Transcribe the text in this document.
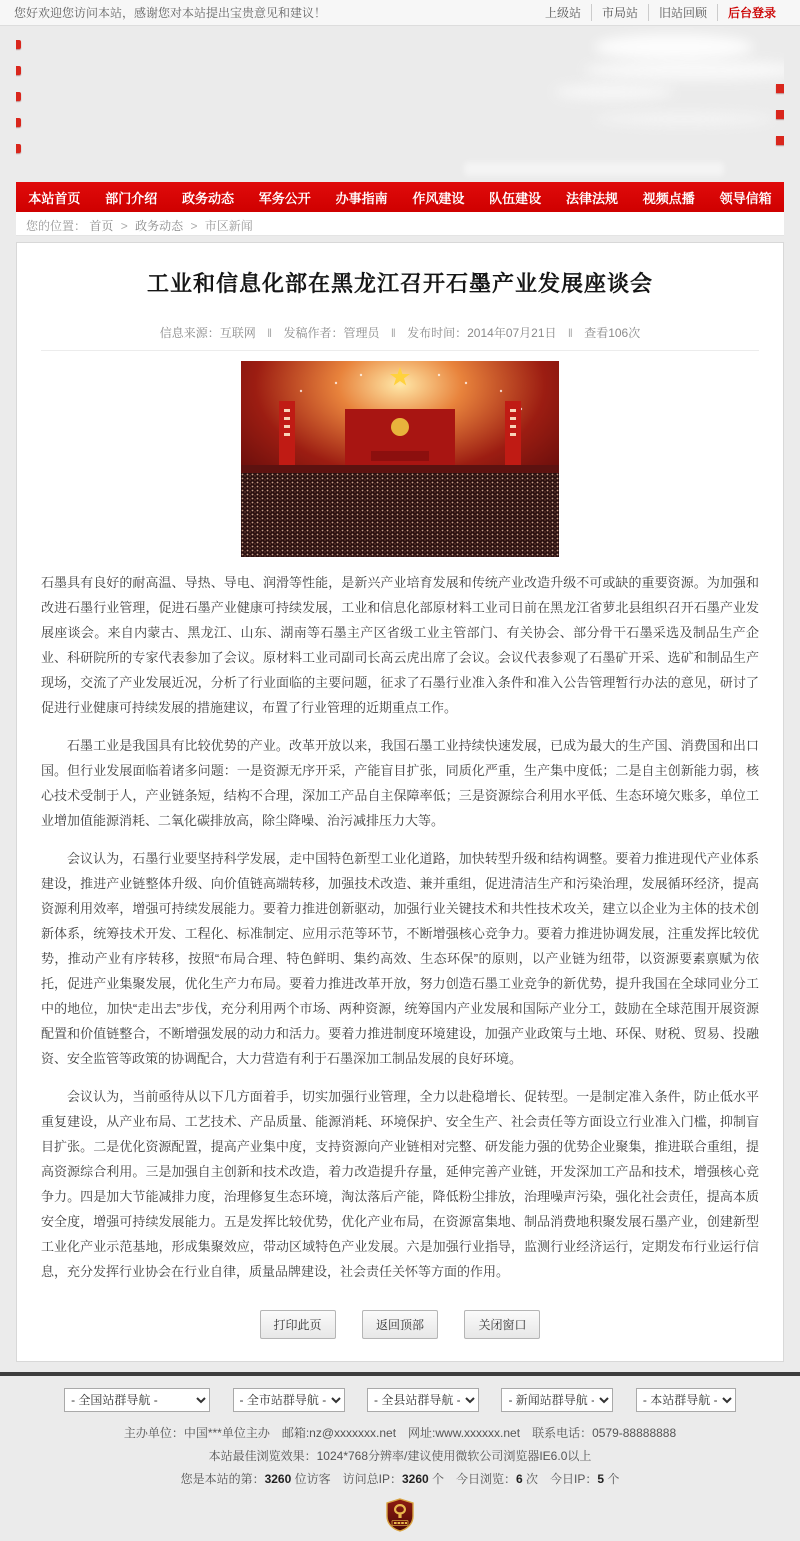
您好欢迎您访问本站，感谢您对本站提出宝贵意见和建议！	上级站	市局站	旧站回顾	后台登录
本站首页	部门介绍	政务动态	军务公开	办事指南	作风建设	队伍建设	法律法规	视频点播	领导信箱
您的位置： 首页 > 政务动态 > 市区新闻
工业和信息化部在黑龙江召开石墨产业发展座谈会
信息来源：互联网 ‖ 发稿作者：管理员 ‖ 发布时间：2014年07月21日 ‖ 查看106次

石墨具有良好的耐高温、导热、导电、润滑等性能，是新兴产业培育发展和传统产业改造升级不可或缺的重要资源。为加强和改进石墨行业管理，促进石墨产业健康可持续发展，工业和信息化部原材料工业司日前在黑龙江省萝北县组织召开石墨产业发展座谈会。来自内蒙古、黑龙江、山东、湖南等石墨主产区省级工业主管部门、有关协会、部分骨干石墨采选及制品生产企业、科研院所的专家代表参加了会议。原材料工业司副司长高云虎出席了会议。会议代表参观了石墨矿开采、选矿和制品生产现场，交流了产业发展近况，分析了行业面临的主要问题，征求了石墨行业准入条件和准入公告管理暂行办法的意见，研讨了促进行业健康可持续发展的措施建议，布置了行业管理的近期重点工作。

石墨工业是我国具有比较优势的产业。改革开放以来，我国石墨工业持续快速发展，已成为最大的生产国、消费国和出口国。但行业发展面临着诸多问题：一是资源无序开采，产能盲目扩张，同质化严重，生产集中度低；二是自主创新能力弱，核心技术受制于人，产业链条短，结构不合理，深加工产品自主保障率低；三是资源综合利用水平低、生态环境欠账多，单位工业增加值能源消耗、二氧化碳排放高，除尘降噪、治污减排压力大等。

会议认为，石墨行业要坚持科学发展，走中国特色新型工业化道路，加快转型升级和结构调整。要着力推进现代产业体系建设，推进产业链整体升级、向价值链高端转移，加强技术改造、兼并重组，促进清洁生产和污染治理，发展循环经济，提高资源利用效率，增强可持续发展能力。要着力推进创新驱动，加强行业关键技术和共性技术攻关，建立以企业为主体的技术创新体系，统筹技术开发、工程化、标准制定、应用示范等环节，不断增强核心竞争力。要着力推进协调发展，注重发挥比较优势，推动产业有序转移，按照“布局合理、特色鲜明、集约高效、生态环保”的原则，以产业链为纽带，以资源要素禀赋为依托，促进产业集聚发展，优化生产力布局。要着力推进改革开放，努力创造石墨工业竞争的新优势，提升我国在全球同业分工中的地位，加快“走出去”步伐，充分利用两个市场、两种资源，统筹国内产业发展和国际产业分工，鼓励在全球范围开展资源配置和价值链整合，不断增强发展的动力和活力。要着力推进制度环境建设，加强产业政策与土地、环保、财税、贸易、投融资、安全监管等政策的协调配合，大力营造有利于石墨深加工制品发展的良好环境。

会议认为，当前亟待从以下几方面着手，切实加强行业管理，全力以赴稳增长、促转型。一是制定准入条件，防止低水平重复建设，从产业布局、工艺技术、产品质量、能源消耗、环境保护、安全生产、社会责任等方面设立行业准入门槛，抑制盲目扩张。二是优化资源配置，提高产业集中度，支持资源向产业链相对完整、研发能力强的优势企业聚集，推进联合重组，提高资源综合利用。三是加强自主创新和技术改造，着力改造提升存量，延伸完善产业链，开发深加工产品和技术，增强核心竞争力。四是加大节能减排力度，治理修复生态环境，淘汰落后产能，降低粉尘排放，治理噪声污染，强化社会责任，提高本质安全度，增强可持续发展能力。五是发挥比较优势，优化产业布局，在资源富集地、制品消费地积聚发展石墨产业，创建新型工业化产业示范基地，形成集聚效应，带动区域特色产业发展。六是加强行业指导，监测行业经济运行，定期发布行业运行信息，充分发挥行业协会在行业自律，质量品牌建设，社会责任关怀等方面的作用。

打印此页	返回顶部	关闭窗口
- 全国站群导航 -
- 全市站群导航 -
- 全县站群导航 -
- 新闻站群导航 -
- 本站群导航 -
主办单位：中国***单位主办　邮箱:nz@xxxxxxx.net　网址:www.xxxxxx.net　联系电话：0579-88888888
本站最佳浏览效果：1024*768分辨率/建议使用微软公司浏览器IE6.0以上
您是本站的第：3260 位访客　访问总IP：3260 个　今日浏览：6 次　今日IP：5 个
